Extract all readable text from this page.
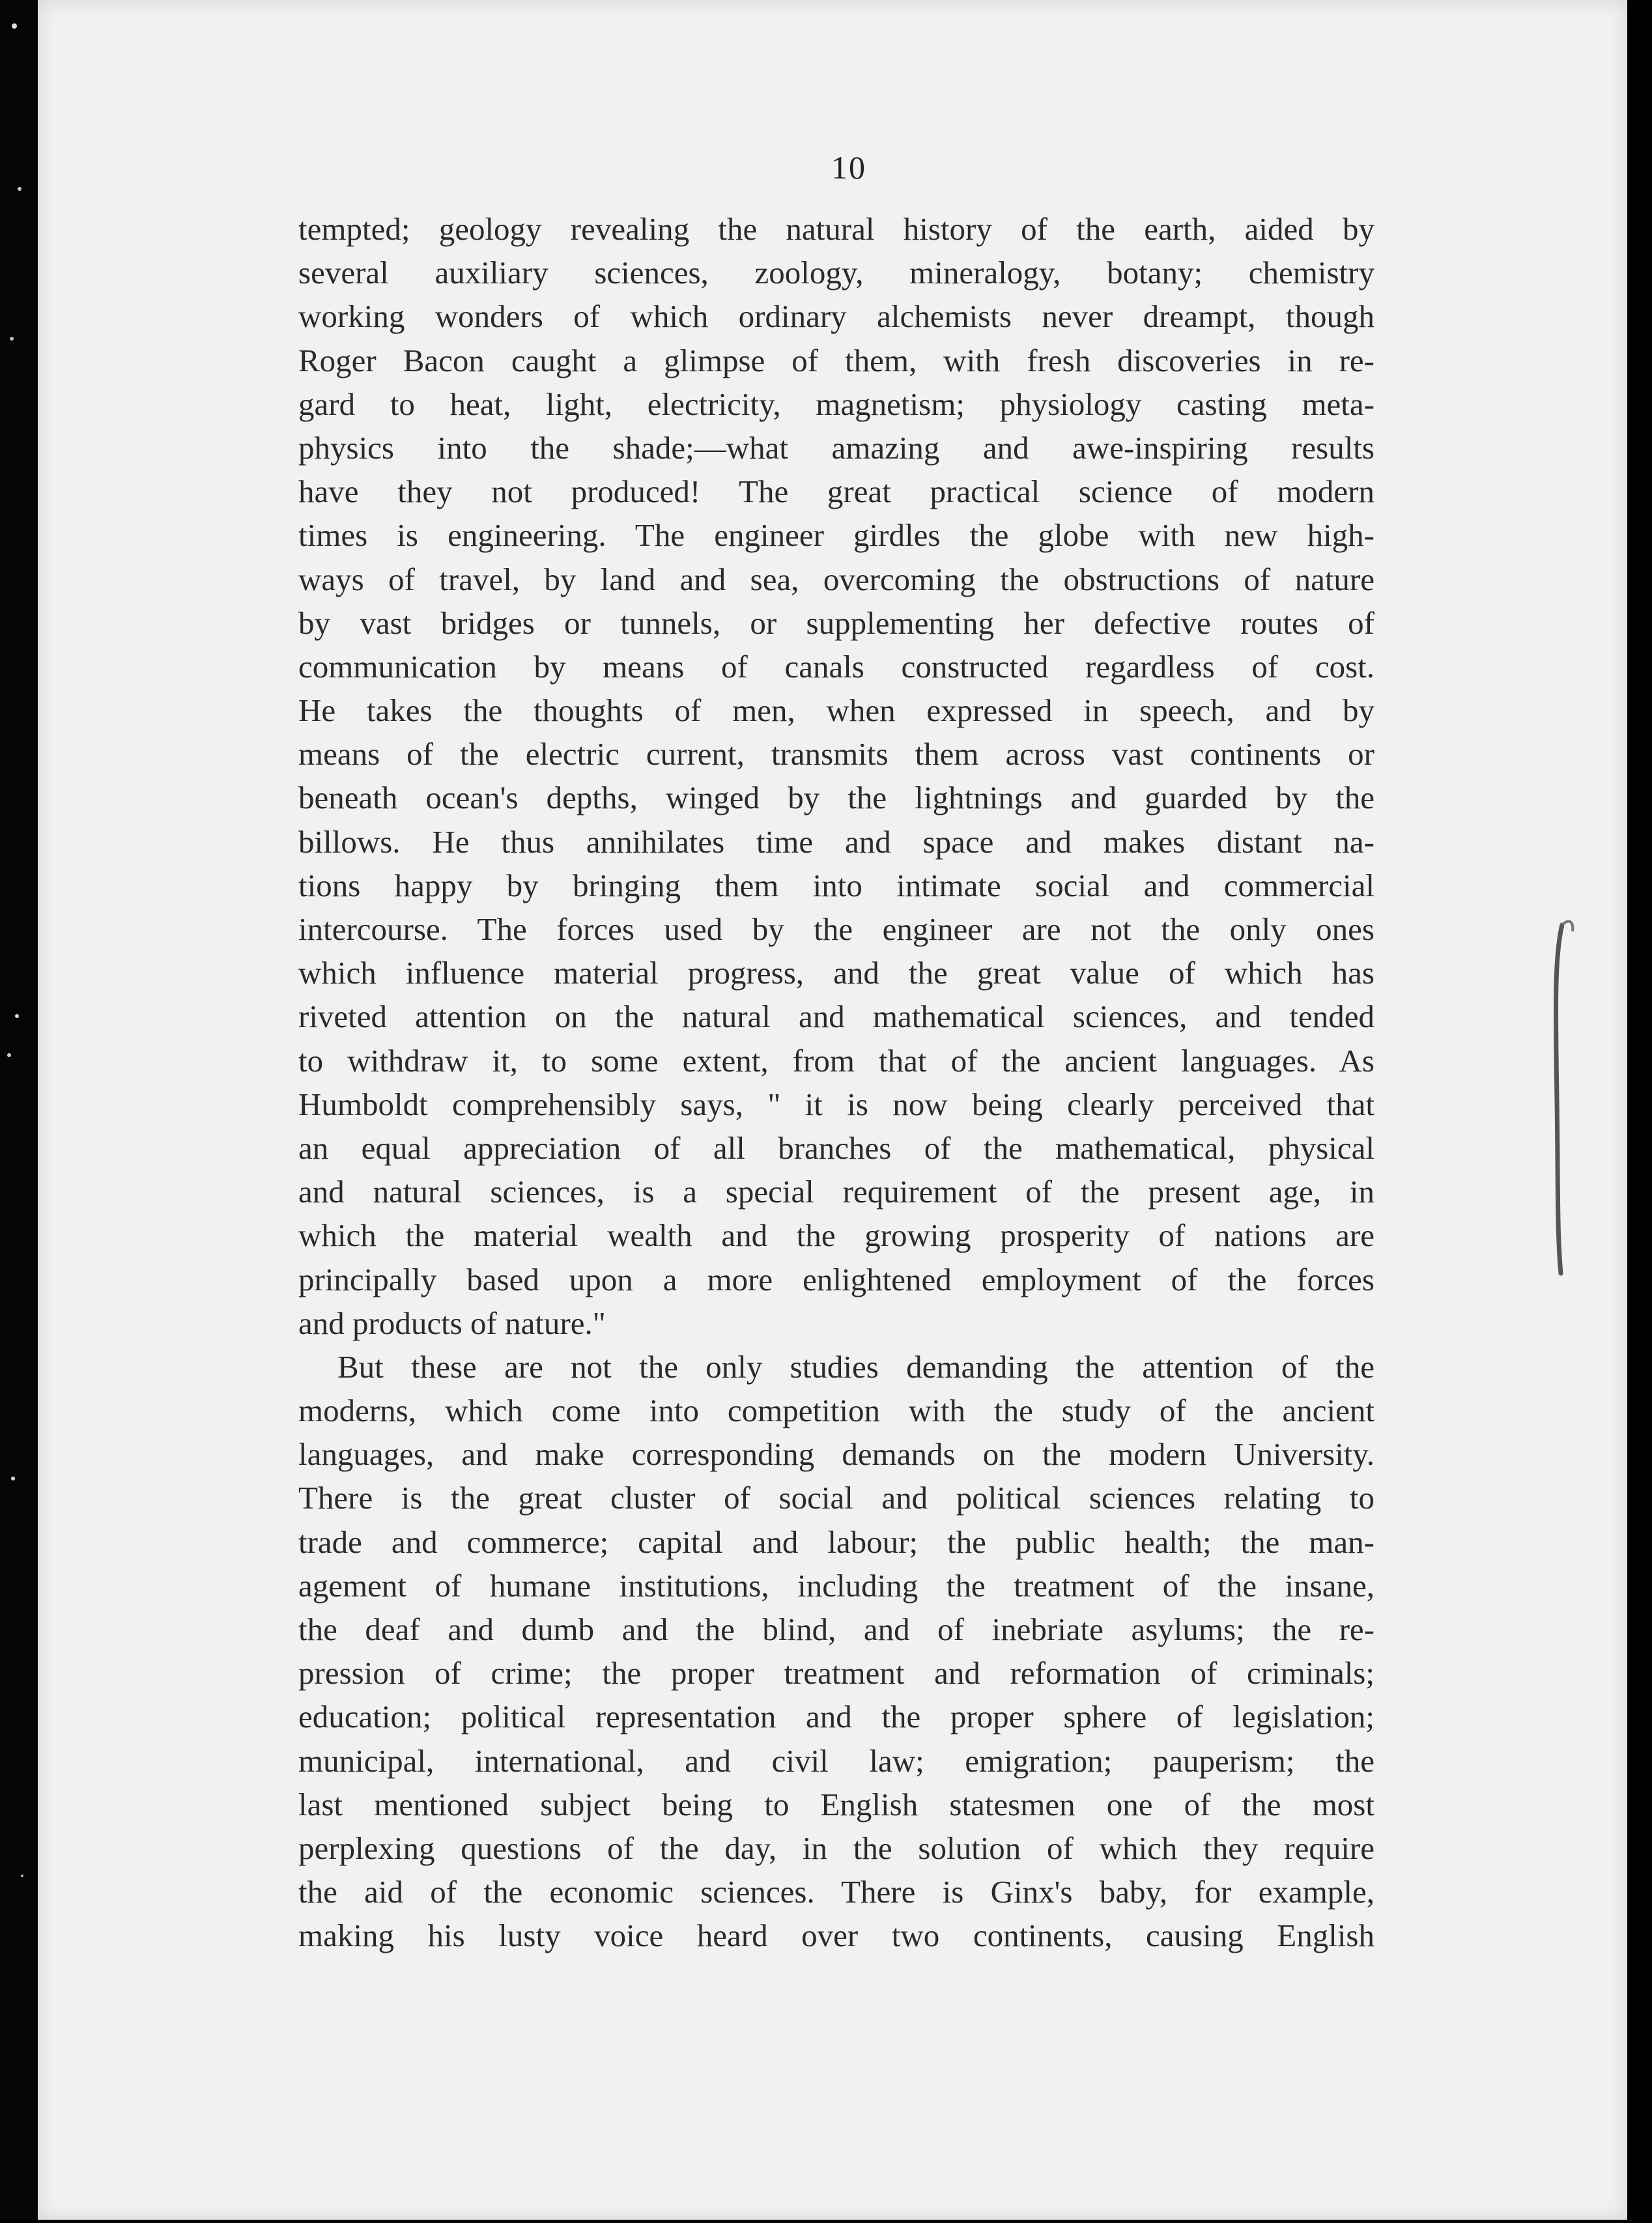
10
tempted; geology revealing the natural history of the earth, aided by
several auxiliary sciences, zoology, mineralogy, botany; chemistry
working wonders of which ordinary alchemists never dreampt, though
Roger Bacon caught a glimpse of them, with fresh discoveries in re-
gard to heat, light, electricity, magnetism; physiology casting meta-
physics into the shade;—what amazing and awe-inspiring results
have they not produced! The great practical science of modern
times is engineering. The engineer girdles the globe with new high-
ways of travel, by land and sea, overcoming the obstructions of nature
by vast bridges or tunnels, or supplementing her defective routes of
communication by means of canals constructed regardless of cost.
He takes the thoughts of men, when expressed in speech, and by
means of the electric current, transmits them across vast continents or
beneath ocean's depths, winged by the lightnings and guarded by the
billows. He thus annihilates time and space and makes distant na-
tions happy by bringing them into intimate social and commercial
intercourse. The forces used by the engineer are not the only ones
which influence material progress, and the great value of which has
riveted attention on the natural and mathematical sciences, and tended
to withdraw it, to some extent, from that of the ancient languages. As
Humboldt comprehensibly says, " it is now being clearly perceived that
an equal appreciation of all branches of the mathematical, physical
and natural sciences, is a special requirement of the present age, in
which the material wealth and the growing prosperity of nations are
principally based upon a more enlightened employment of the forces
and products of nature."
But these are not the only studies demanding the attention of the
moderns, which come into competition with the study of the ancient
languages, and make corresponding demands on the modern University.
There is the great cluster of social and political sciences relating to
trade and commerce; capital and labour; the public health; the man-
agement of humane institutions, including the treatment of the insane,
the deaf and dumb and the blind, and of inebriate asylums; the re-
pression of crime; the proper treatment and reformation of criminals;
education; political representation and the proper sphere of legislation;
municipal, international, and civil law; emigration; pauperism; the
last mentioned subject being to English statesmen one of the most
perplexing questions of the day, in the solution of which they require
the aid of the economic sciences. There is Ginx's baby, for example,
making his lusty voice heard over two continents, causing English
